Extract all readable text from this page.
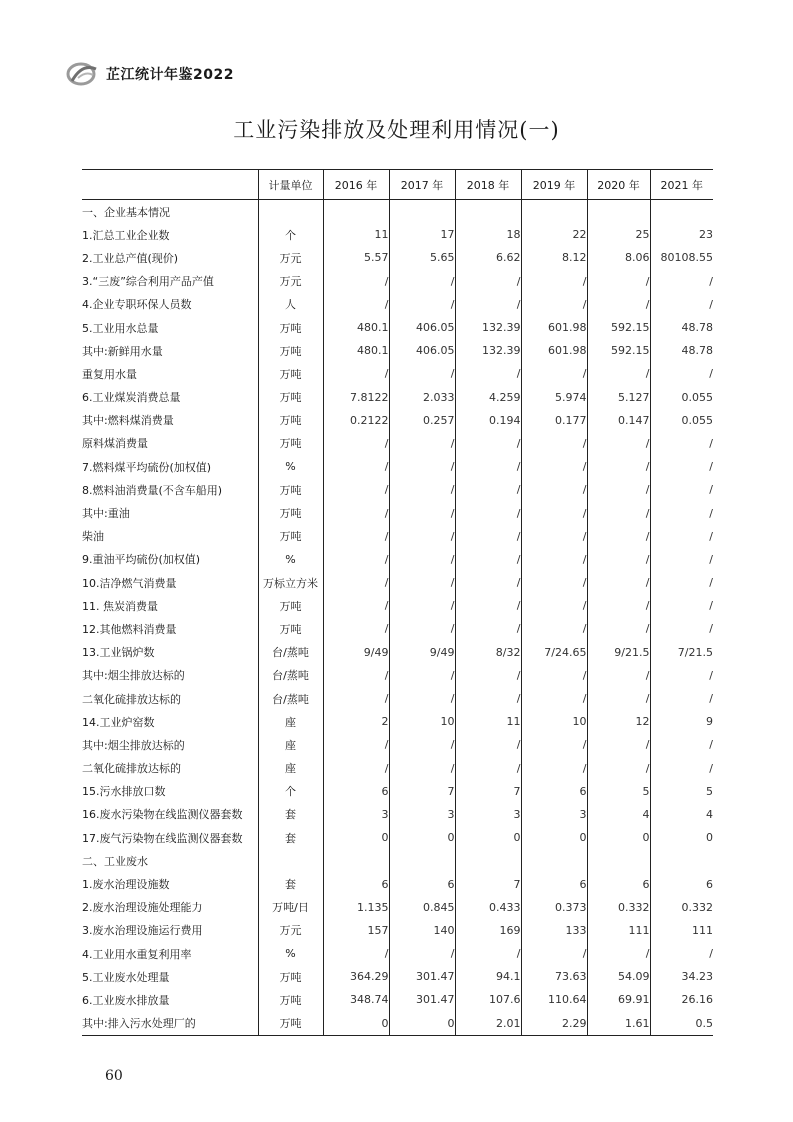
芷江统计年鉴2022
工业污染排放及处理利用情况(一)
	计量单位	2016 年	2017 年	2018 年	2019 年	2020 年	2021 年
一、企业基本情况							
1.汇总工业企业数	个	11	17	18	22	25	23
2.工业总产值(现价)	万元	5.57	5.65	6.62	8.12	8.06	80108.55
3.“三废”综合利用产品产值	万元	/	/	/	/	/	/
4.企业专职环保人员数	人	/	/	/	/	/	/
5.工业用水总量	万吨	480.1	406.05	132.39	601.98	592.15	48.78
其中:新鲜用水量	万吨	480.1	406.05	132.39	601.98	592.15	48.78
重复用水量	万吨	/	/	/	/	/	/
6.工业煤炭消费总量	万吨	7.8122	2.033	4.259	5.974	5.127	0.055
其中:燃料煤消费量	万吨	0.2122	0.257	0.194	0.177	0.147	0.055
原料煤消费量	万吨	/	/	/	/	/	/
7.燃料煤平均硫份(加权值)	%	/	/	/	/	/	/
8.燃料油消费量(不含车船用)	万吨	/	/	/	/	/	/
其中:重油	万吨	/	/	/	/	/	/
柴油	万吨	/	/	/	/	/	/
9.重油平均硫份(加权值)	%	/	/	/	/	/	/
10.洁净燃气消费量	万标立方米	/	/	/	/	/	/
11. 焦炭消费量	万吨	/	/	/	/	/	/
12.其他燃料消费量	万吨	/	/	/	/	/	/
13.工业锅炉数	台/蒸吨	9/49	9/49	8/32	7/24.65	9/21.5	7/21.5
其中:烟尘排放达标的	台/蒸吨	/	/	/	/	/	/
二氧化硫排放达标的	台/蒸吨	/	/	/	/	/	/
14.工业炉窑数	座	2	10	11	10	12	9
其中:烟尘排放达标的	座	/	/	/	/	/	/
二氧化硫排放达标的	座	/	/	/	/	/	/
15.污水排放口数	个	6	7	7	6	5	5
16.废水污染物在线监测仪器套数	套	3	3	3	3	4	4
17.废气污染物在线监测仪器套数	套	0	0	0	0	0	0
二、工业废水							
1.废水治理设施数	套	6	6	7	6	6	6
2.废水治理设施处理能力	万吨/日	1.135	0.845	0.433	0.373	0.332	0.332
3.废水治理设施运行费用	万元	157	140	169	133	111	111
4.工业用水重复利用率	%	/	/	/	/	/	/
5.工业废水处理量	万吨	364.29	301.47	94.1	73.63	54.09	34.23
6.工业废水排放量	万吨	348.74	301.47	107.6	110.64	69.91	26.16
其中:排入污水处理厂的	万吨	0	0	2.01	2.29	1.61	0.5
60
